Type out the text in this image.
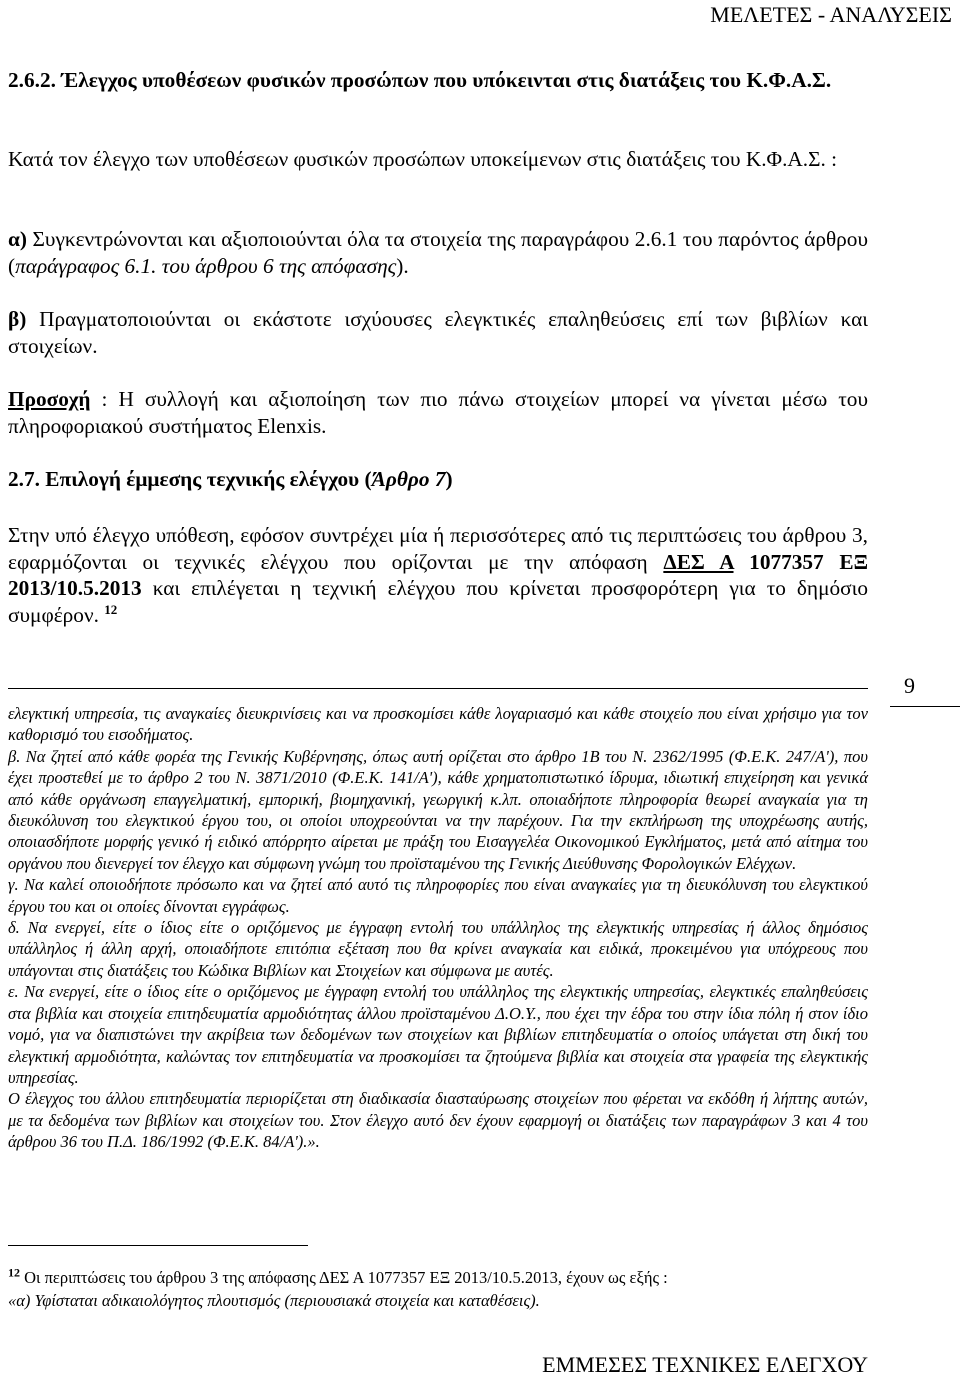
ΜΕΛΕΤΕΣ - ΑΝΑΛΥΣΕΙΣ
2.6.2. Έλεγχος υποθέσεων φυσικών προσώπων που υπόκεινται στις διατάξεις του Κ.Φ.Α.Σ.
Κατά τον έλεγχο των υποθέσεων φυσικών προσώπων υποκείμενων στις διατάξεις του Κ.Φ.Α.Σ. :
α) Συγκεντρώνονται και αξιοποιούνται όλα τα στοιχεία της παραγράφου 2.6.1 του παρόντος άρθρου (παράγραφος 6.1. του άρθρου 6 της απόφασης).
β) Πραγματοποιούνται οι εκάστοτε ισχύουσες ελεγκτικές επαληθεύσεις επί των βιβλίων και στοιχείων.
Προσοχή : Η συλλογή και αξιοποίηση των πιο πάνω στοιχείων μπορεί να γίνεται μέσω του πληροφοριακού συστήματος Elenxis.
2.7. Επιλογή έμμεσης τεχνικής ελέγχου (Άρθρο 7)
Στην υπό έλεγχο υπόθεση, εφόσον συντρέχει μία ή περισσότερες από τις περιπτώσεις του άρθρου 3, εφαρμόζονται οι τεχνικές ελέγχου που ορίζονται με την απόφαση ΔΕΣ Α 1077357 ΕΞ 2013/10.5.2013 και επιλέγεται η τεχνική ελέγχου που κρίνεται προσφορότερη για το δημόσιο συμφέρον. $^{12}$
9

ελεγκτική υπηρεσία, τις αναγκαίες διευκρινίσεις και να προσκομίσει κάθε λογαριασμό και κάθε στοιχείο που είναι χρήσιμο για τον καθορισμό του εισοδήματος.

β. Να ζητεί από κάθε φορέα της Γενικής Κυβέρνησης, όπως αυτή ορίζεται στο άρθρο 1Β του Ν. 2362/1995 (Φ.Ε.Κ. 247/Α'), που έχει προστεθεί με το άρθρο 2 του Ν. 3871/2010 (Φ.Ε.Κ. 141/Α'), κάθε χρηματοπιστωτικό ίδρυμα, ιδιωτική επιχείρηση και γενικά από κάθε οργάνωση επαγγελματική, εμπορική, βιομηχανική, γεωργική κ.λπ. οποιαδήποτε πληροφορία θεωρεί αναγκαία για τη διευκόλυνση του ελεγκτικού έργου του, οι οποίοι υποχρεούνται να την παρέχουν. Για την εκπλήρωση της υποχρέωσης αυτής, οποιασδήποτε μορφής γενικό ή ειδικό απόρρητο αίρεται με πράξη του Εισαγγελέα Οικονομικού Εγκλήματος, μετά από αίτημα του οργάνου που διενεργεί τον έλεγχο και σύμφωνη γνώμη του προϊσταμένου της Γενικής Διεύθυνσης Φορολογικών Ελέγχων.

γ. Να καλεί οποιοδήποτε πρόσωπο και να ζητεί από αυτό τις πληροφορίες που είναι αναγκαίες για τη διευκόλυνση του ελεγκτικού έργου του και οι οποίες δίνονται εγγράφως.

δ. Να ενεργεί, είτε ο ίδιος είτε ο οριζόμενος με έγγραφη εντολή του υπάλληλος της ελεγκτικής υπηρεσίας ή άλλος δημόσιος υπάλληλος ή άλλη αρχή, οποιαδήποτε επιτόπια εξέταση που θα κρίνει αναγκαία και ειδικά, προκειμένου για υπόχρεους που υπάγονται στις διατάξεις του Κώδικα Βιβλίων και Στοιχείων και σύμφωνα με αυτές.

ε. Να ενεργεί, είτε ο ίδιος είτε ο οριζόμενος με έγγραφη εντολή του υπάλληλος της ελεγκτικής υπηρεσίας, ελεγκτικές επαληθεύσεις στα βιβλία και στοιχεία επιτηδευματία αρμοδιότητας άλλου προϊσταμένου Δ.Ο.Υ., που έχει την έδρα του στην ίδια πόλη ή στον ίδιο νομό, για να διαπιστώνει την ακρίβεια των δεδομένων των στοιχείων και βιβλίων επιτηδευματία ο οποίος υπάγεται στη δική του ελεγκτική αρμοδιότητα, καλώντας τον επιτηδευματία να προσκομίσει τα ζητούμενα βιβλία και στοιχεία στα γραφεία της ελεγκτικής υπηρεσίας.

Ο έλεγχος του άλλου επιτηδευματία περιορίζεται στη διαδικασία διασταύρωσης στοιχείων που φέρεται να εκδόθη ή λήπτης αυτών, με τα δεδομένα των βιβλίων και στοιχείων του. Στον έλεγχο αυτό δεν έχουν εφαρμογή οι διατάξεις των παραγράφων 3 και 4 του άρθρου 36 του Π.Δ. 186/1992 (Φ.Ε.Κ. 84/Α').».

$^{12}$ Οι περιπτώσεις του άρθρου 3 της απόφασης ΔΕΣ Α 1077357 ΕΞ 2013/10.5.2013, έχουν ως εξής :

«α) Υφίσταται αδικαιολόγητος πλουτισμός (περιουσιακά στοιχεία και καταθέσεις).

ΕΜΜΕΣΕΣ ΤΕΧΝΙΚΕΣ ΕΛΕΓΧΟΥ
